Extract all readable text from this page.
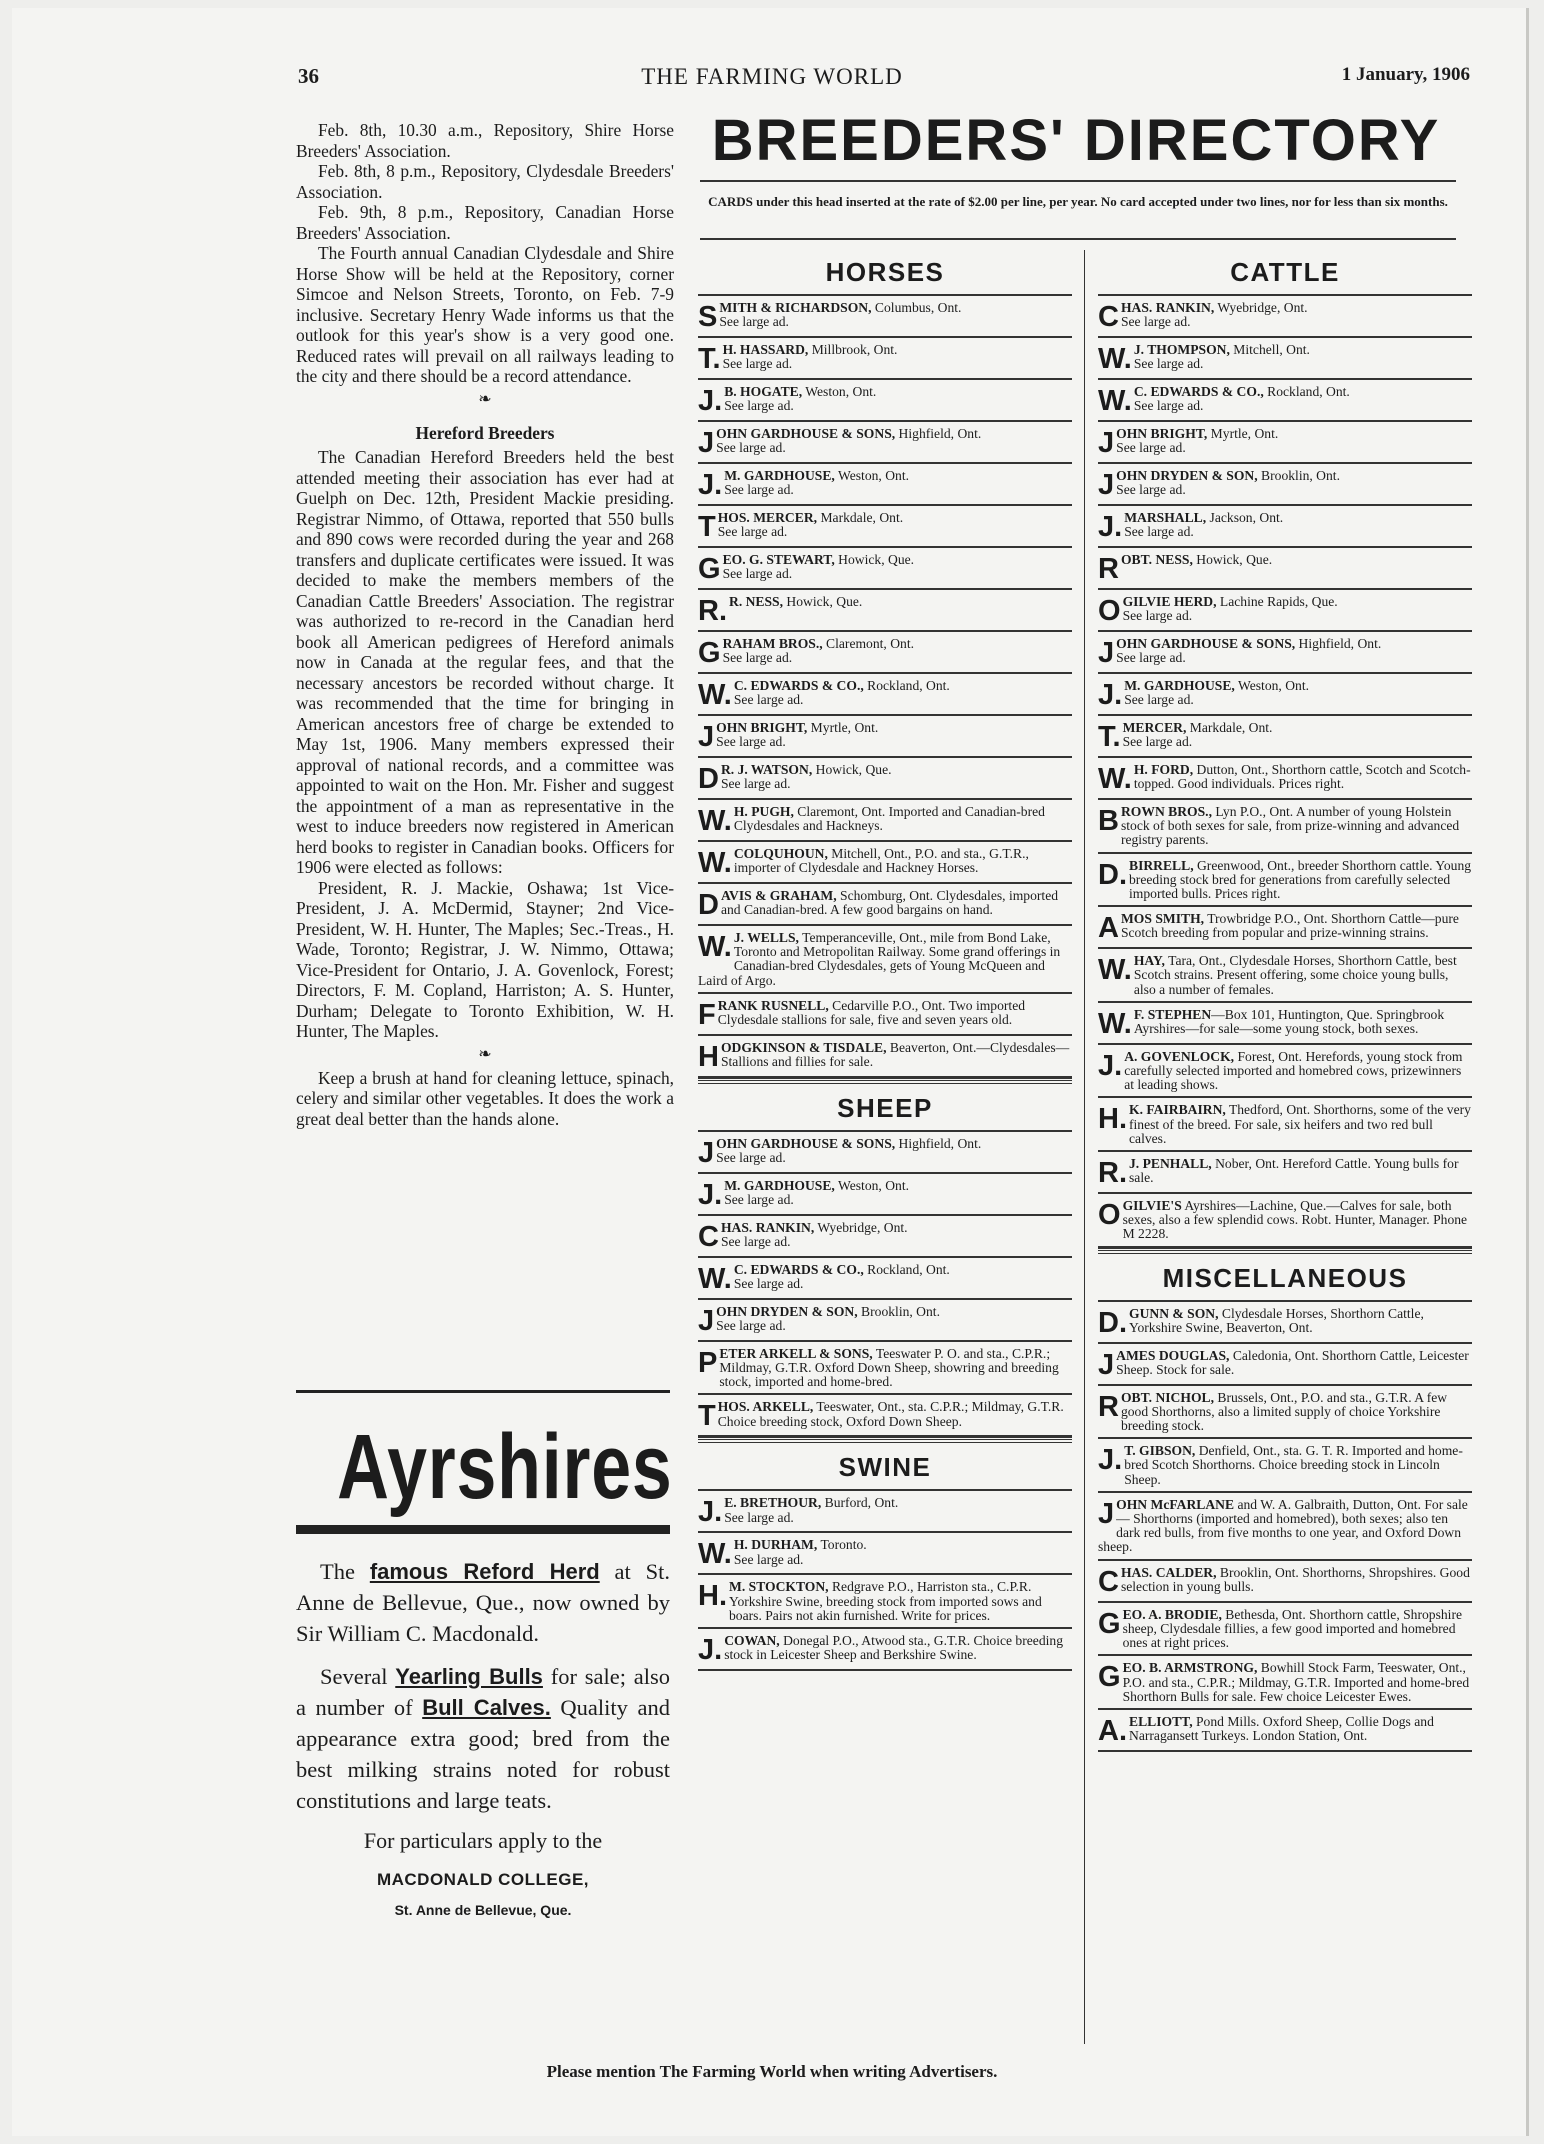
36	THE FARMING WORLD	1 January, 1906

Feb. 8th, 10.30 a.m., Repository, Shire Horse Breeders' Association.

Feb. 8th, 8 p.m., Repository, Clydesdale Breeders' Association.

Feb. 9th, 8 p.m., Repository, Canadian Horse Breeders' Association.

The Fourth annual Canadian Clydesdale and Shire Horse Show will be held at the Repository, corner Simcoe and Nelson Streets, Toronto, on Feb. 7-9 inclusive. Secretary Henry Wade informs us that the outlook for this year's show is a very good one. Reduced rates will prevail on all railways leading to the city and there should be a record attendance.

❧
Hereford Breeders

The Canadian Hereford Breeders held the best attended meeting their association has ever had at Guelph on Dec. 12th, President Mackie presiding. Registrar Nimmo, of Ottawa, reported that 550 bulls and 890 cows were recorded during the year and 268 transfers and duplicate certificates were issued. It was decided to make the members members of the Canadian Cattle Breeders' Association. The registrar was authorized to re-record in the Canadian herd book all American pedigrees of Hereford animals now in Canada at the regular fees, and that the necessary ancestors be recorded without charge. It was recommended that the time for bringing in American ancestors free of charge be extended to May 1st, 1906. Many members expressed their approval of national records, and a committee was appointed to wait on the Hon. Mr. Fisher and suggest the appointment of a man as representative in the west to induce breeders now registered in American herd books to register in Canadian books. Officers for 1906 were elected as follows:

President, R. J. Mackie, Oshawa; 1st Vice-President, J. A. McDermid, Stayner; 2nd Vice-President, W. H. Hunter, The Maples; Sec.-Treas., H. Wade, Toronto; Registrar, J. W. Nimmo, Ottawa; Vice-President for Ontario, J. A. Govenlock, Forest; Directors, F. M. Copland, Harriston; A. S. Hunter, Durham; Delegate to Toronto Exhibition, W. H. Hunter, The Maples.

❧

Keep a brush at hand for cleaning lettuce, spinach, celery and similar other vegetables. It does the work a great deal better than the hands alone.

Ayrshires

The famous Reford Herd at St. Anne de Bellevue, Que., now owned by Sir William C. Macdonald.

Several Yearling Bulls for sale; also a number of Bull Calves. Quality and appearance extra good; bred from the best milking strains noted for robust constitutions and large teats.

For particulars apply to the
MACDONALD COLLEGE,
St. Anne de Bellevue, Que.
BREEDERS' DIRECTORY
CARDS under this head inserted at the rate of $2.00 per line, per year. No card accepted under two lines, nor for less than six months.
HORSES
SMITH & RICHARDSON, Columbus, Ont.
See large ad.
T. H. HASSARD, Millbrook, Ont.
See large ad.
J. B. HOGATE, Weston, Ont.
See large ad.
JOHN GARDHOUSE & SONS, Highfield, Ont.
See large ad.
J. M. GARDHOUSE, Weston, Ont.
See large ad.
THOS. MERCER, Markdale, Ont.
See large ad.
GEO. G. STEWART, Howick, Que.
See large ad.
R. R. NESS, Howick, Que.
GRAHAM BROS., Claremont, Ont.
See large ad.
W. C. EDWARDS & CO., Rockland, Ont.
See large ad.
JOHN BRIGHT, Myrtle, Ont.
See large ad.
D R. J. WATSON, Howick, Que.
See large ad.
W. H. PUGH, Claremont, Ont. Imported and Canadian-bred Clydesdales and Hackneys.
W. COLQUHOUN, Mitchell, Ont., P.O. and sta., G.T.R., importer of Clydesdale and Hackney Horses.
DAVIS & GRAHAM, Schomburg, Ont. Clydesdales, imported and Canadian-bred. A few good bargains on hand.
W. J. WELLS, Temperanceville, Ont., mile from Bond Lake, Toronto and Metropolitan Railway. Some grand offerings in Canadian-bred Clydesdales, gets of Young McQueen and Laird of Argo.
FRANK RUSNELL, Cedarville P.O., Ont. Two imported Clydesdale stallions for sale, five and seven years old.
HODGKINSON & TISDALE, Beaverton, Ont.—Clydesdales—Stallions and fillies for sale.
SHEEP
JOHN GARDHOUSE & SONS, Highfield, Ont.
See large ad.
J. M. GARDHOUSE, Weston, Ont.
See large ad.
CHAS. RANKIN, Wyebridge, Ont.
See large ad.
W. C. EDWARDS & CO., Rockland, Ont.
See large ad.
JOHN DRYDEN & SON, Brooklin, Ont.
See large ad.
PETER ARKELL & SONS, Teeswater P. O. and sta., C.P.R.; Mildmay, G.T.R. Oxford Down Sheep, showring and breeding stock, imported and home-bred.
THOS. ARKELL, Teeswater, Ont., sta. C.P.R.; Mildmay, G.T.R. Choice breeding stock, Oxford Down Sheep.
SWINE
J. E. BRETHOUR, Burford, Ont.
See large ad.
W. H. DURHAM, Toronto.
See large ad.
H. M. STOCKTON, Redgrave P.O., Harriston sta., C.P.R. Yorkshire Swine, breeding stock from imported sows and boars. Pairs not akin furnished. Write for prices.
J. COWAN, Donegal P.O., Atwood sta., G.T.R. Choice breeding stock in Leicester Sheep and Berkshire Swine.
CATTLE
CHAS. RANKIN, Wyebridge, Ont.
See large ad.
W. J. THOMPSON, Mitchell, Ont.
See large ad.
W. C. EDWARDS & CO., Rockland, Ont.
See large ad.
JOHN BRIGHT, Myrtle, Ont.
See large ad.
JOHN DRYDEN & SON, Brooklin, Ont.
See large ad.
J. MARSHALL, Jackson, Ont.
See large ad.
ROBT. NESS, Howick, Que.
OGILVIE HERD, Lachine Rapids, Que.
See large ad.
JOHN GARDHOUSE & SONS, Highfield, Ont.
See large ad.
J. M. GARDHOUSE, Weston, Ont.
See large ad.
T. MERCER, Markdale, Ont.
See large ad.
W. H. FORD, Dutton, Ont., Shorthorn cattle, Scotch and Scotch-topped. Good individuals. Prices right.
BROWN BROS., Lyn P.O., Ont. A number of young Holstein stock of both sexes for sale, from prize-winning and advanced registry parents.
D. BIRRELL, Greenwood, Ont., breeder Shorthorn cattle. Young breeding stock bred for generations from carefully selected imported bulls. Prices right.
AMOS SMITH, Trowbridge P.O., Ont. Shorthorn Cattle—pure Scotch breeding from popular and prize-winning strains.
W. HAY, Tara, Ont., Clydesdale Horses, Shorthorn Cattle, best Scotch strains. Present offering, some choice young bulls, also a number of females.
W. F. STEPHEN—Box 101, Huntington, Que. Springbrook Ayrshires—for sale—some young stock, both sexes.
J. A. GOVENLOCK, Forest, Ont. Herefords, young stock from carefully selected imported and homebred cows, prizewinners at leading shows.
H. K. FAIRBAIRN, Thedford, Ont. Shorthorns, some of the very finest of the breed. For sale, six heifers and two red bull calves.
R. J. PENHALL, Nober, Ont. Hereford Cattle. Young bulls for sale.
OGILVIE'S Ayrshires—Lachine, Que.—Calves for sale, both sexes, also a few splendid cows. Robt. Hunter, Manager. Phone M 2228.
MISCELLANEOUS
D. GUNN & SON, Clydesdale Horses, Shorthorn Cattle, Yorkshire Swine, Beaverton, Ont.
JAMES DOUGLAS, Caledonia, Ont. Shorthorn Cattle, Leicester Sheep. Stock for sale.
ROBT. NICHOL, Brussels, Ont., P.O. and sta., G.T.R. A few good Shorthorns, also a limited supply of choice Yorkshire breeding stock.
J. T. GIBSON, Denfield, Ont., sta. G. T. R. Imported and home-bred Scotch Shorthorns. Choice breeding stock in Lincoln Sheep.
JOHN McFARLANE and W. A. Galbraith, Dutton, Ont. For sale — Shorthorns (imported and homebred), both sexes; also ten dark red bulls, from five months to one year, and Oxford Down sheep.
CHAS. CALDER, Brooklin, Ont. Shorthorns, Shropshires. Good selection in young bulls.
GEO. A. BRODIE, Bethesda, Ont. Shorthorn cattle, Shropshire sheep, Clydesdale fillies, a few good imported and homebred ones at right prices.
GEO. B. ARMSTRONG, Bowhill Stock Farm, Teeswater, Ont., P.O. and sta., C.P.R.; Mildmay, G.T.R. Imported and home-bred Shorthorn Bulls for sale. Few choice Leicester Ewes.
A. ELLIOTT, Pond Mills. Oxford Sheep, Collie Dogs and Narragansett Turkeys. London Station, Ont.
Please mention The Farming World when writing Advertisers.
